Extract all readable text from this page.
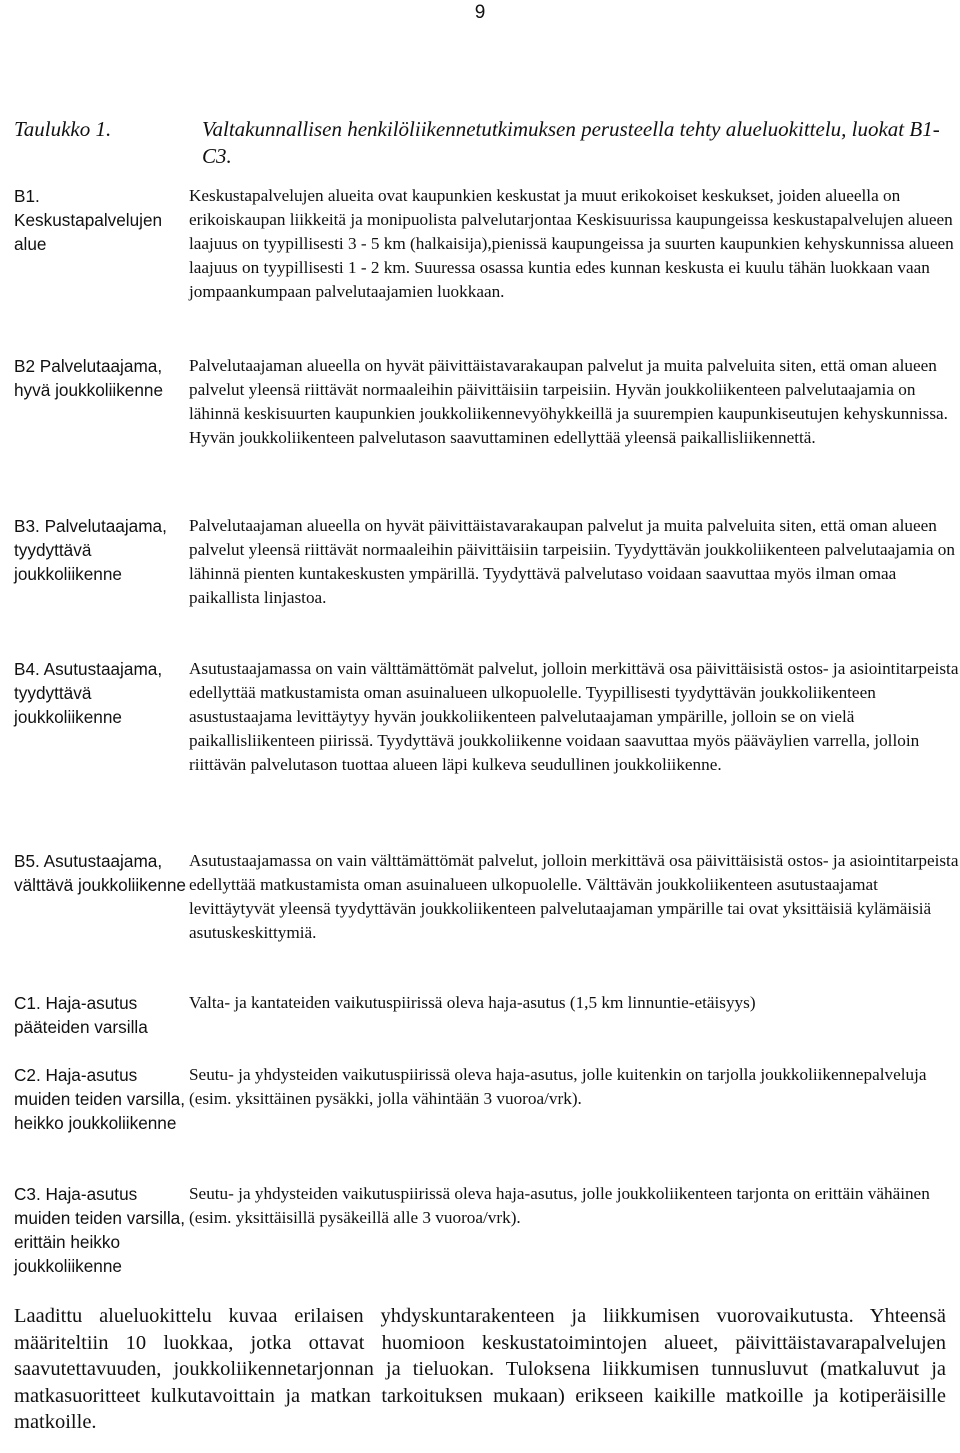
9
Taulukko 1.	Valtakunnallisen henkilöliikennetutkimuksen perusteella tehty alueluokittelu, luokat B1-C3.
B1. Keskustapalvelujen alue	Keskustapalvelujen alueita ovat kaupunkien keskustat ja muut erikokoiset keskukset, joiden alueella on erikoiskaupan liikkeitä ja monipuolista palvelutarjontaa Keskisuurissa kaupungeissa keskustapalvelujen alueen laajuus on tyypillisesti 3 - 5 km (halkaisija),pienissä kaupungeissa ja suurten kaupunkien kehyskunnissa alueen laajuus on tyypillisesti 1 - 2 km. Suuressa osassa kuntia edes kunnan keskusta ei kuulu tähän luokkaan vaan jompaankumpaan palvelutaajamien luokkaan.
B2 Palvelutaajama, hyvä joukkoliikenne	Palvelutaajaman alueella on hyvät päivittäistavarakaupan palvelut ja muita palveluita siten, että oman alueen palvelut yleensä riittävät normaaleihin päivittäisiin tarpeisiin. Hyvän joukkoliikenteen palvelutaajamia on lähinnä keskisuurten kaupunkien joukkoliikennevyöhykkeillä ja suurempien kaupunkiseutujen kehyskunnissa. Hyvän joukkoliikenteen palvelutason saavuttaminen edellyttää yleensä paikallisliikennettä.
B3. Palvelutaajama, tyydyttävä joukkoliikenne	Palvelutaajaman alueella on hyvät päivittäistavarakaupan palvelut ja muita palveluita siten, että oman alueen palvelut yleensä riittävät normaaleihin päivittäisiin tarpeisiin. Tyydyttävän joukkoliikenteen palvelutaajamia on lähinnä pienten kuntakeskusten ympärillä. Tyydyttävä palvelutaso voidaan saavuttaa myös ilman omaa paikallista linjastoa.
B4. Asutustaajama, tyydyttävä joukkoliikenne	Asutustaajamassa on vain välttämättömät palvelut, jolloin merkittävä osa päivittäisistä ostos- ja asiointitarpeista edellyttää matkustamista oman asuinalueen ulkopuolelle. Tyypillisesti tyydyttävän joukkoliikenteen asustustaajama levittäytyy hyvän joukkoliikenteen palvelutaajaman ympärille, jolloin se on vielä paikallisliikenteen piirissä. Tyydyttävä joukkoliikenne voidaan saavuttaa myös pääväylien varrella, jolloin riittävän palvelutason tuottaa alueen läpi kulkeva seudullinen joukkoliikenne.
B5. Asutustaajama, välttävä joukkoliikenne	Asutustaajamassa on vain välttämättömät palvelut, jolloin merkittävä osa päivittäisistä ostos- ja asiointitarpeista edellyttää matkustamista oman asuinalueen ulkopuolelle. Välttävän joukkoliikenteen asutustaajamat levittäytyvät yleensä tyydyttävän joukkoliikenteen palvelutaajaman ympärille tai ovat yksittäisiä kylämäisiä asutuskeskittymiä.
C1. Haja-asutus pääteiden varsilla	Valta- ja kantateiden vaikutuspiirissä oleva haja-asutus (1,5 km linnuntie-etäisyys)
C2. Haja-asutus muiden teiden varsilla, heikko joukkoliikenne	Seutu- ja yhdysteiden vaikutuspiirissä oleva haja-asutus, jolle kuitenkin on tarjolla joukkoliikennepalveluja (esim. yksittäinen pysäkki, jolla vähintään 3 vuoroa/vrk).
C3. Haja-asutus muiden teiden varsilla, erittäin heikko joukkoliikenne	Seutu- ja yhdysteiden vaikutuspiirissä oleva haja-asutus, jolle joukkoliikenteen tarjonta on erittäin vähäinen (esim. yksittäisillä pysäkeillä alle 3 vuoroa/vrk).
Laadittu alueluokittelu kuvaa erilaisen yhdyskuntarakenteen ja liikkumisen vuorovaikutusta. Yhteensä määriteltiin 10 luokkaa, jotka ottavat huomioon keskustatoimintojen alueet, päivittäistavarapalvelujen saavutettavuuden, joukkoliikennetarjonnan ja tieluokan. Tuloksena liikkumisen tunnusluvut (matkaluvut ja matkasuoritteet kulkutavoittain ja matkan tarkoituksen mukaan) erikseen kaikille matkoille ja kotiperäisille matkoille.
